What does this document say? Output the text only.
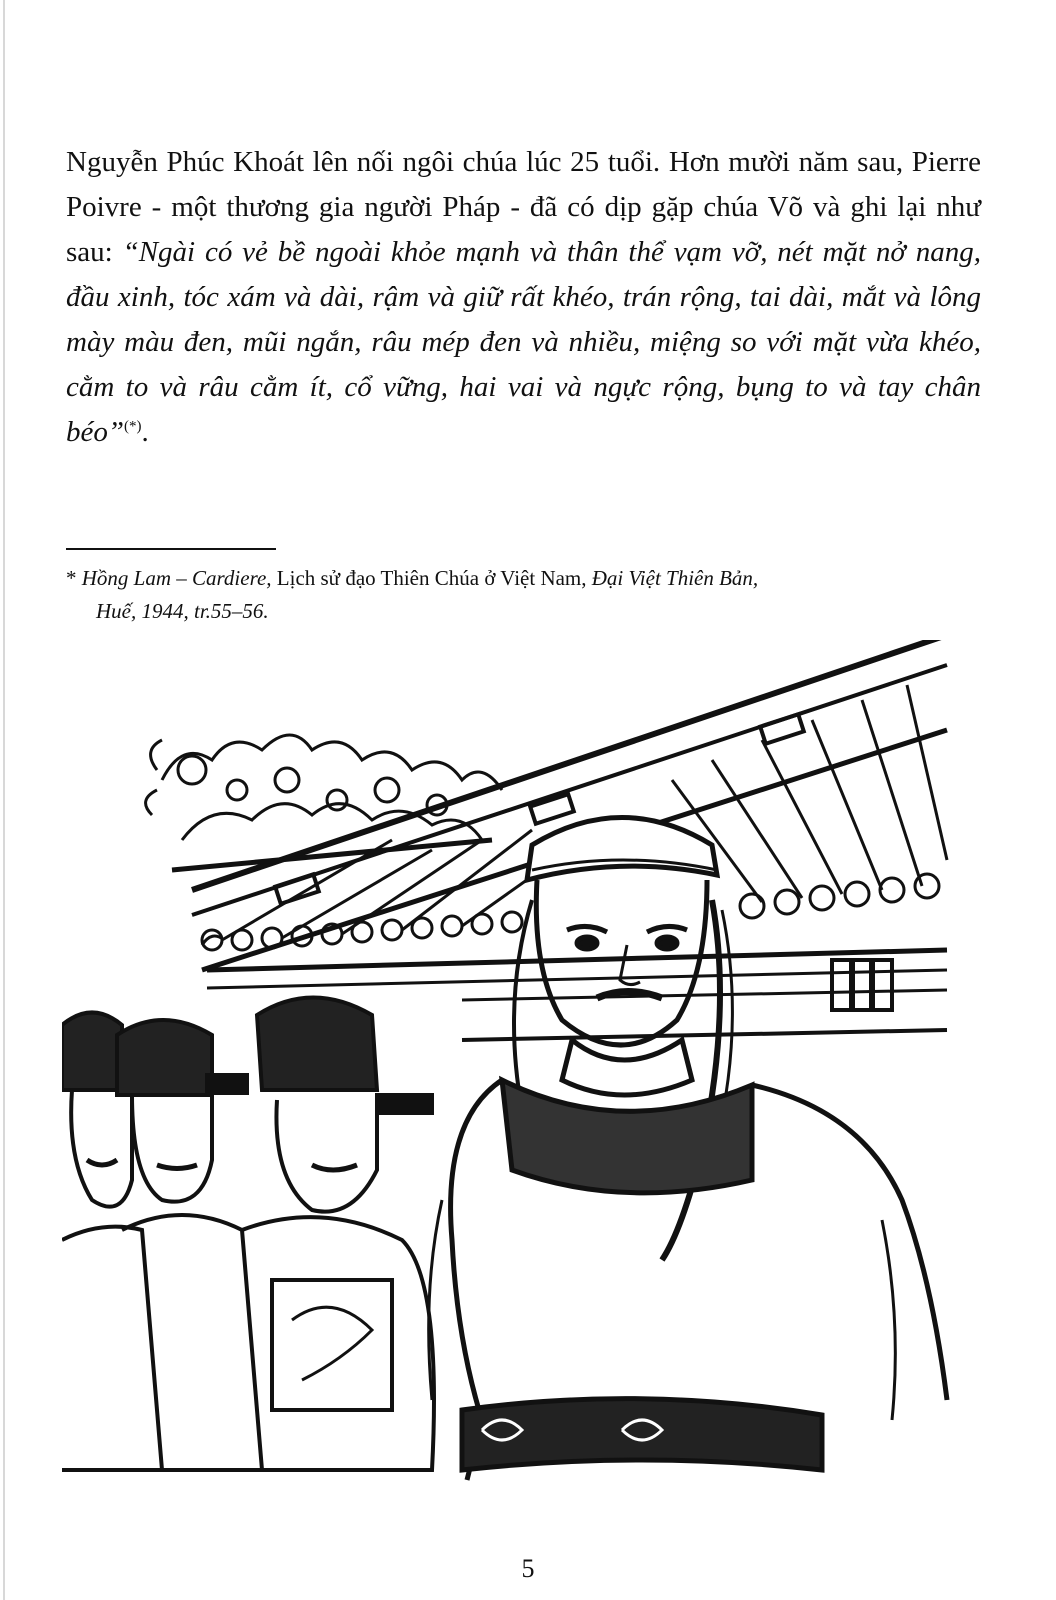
Nguyễn Phúc Khoát lên nối ngôi chúa lúc 25 tuổi. Hơn mười năm sau, Pierre Poivre - một thương gia người Pháp - đã có dịp gặp chúa Võ và ghi lại như sau: “Ngài có vẻ bề ngoài khỏe mạnh và thân thể vạm vỡ, nét mặt nở nang, đầu xinh, tóc xám và dài, rậm và giữ rất khéo, trán rộng, tai dài, mắt và lông mày màu đen, mũi ngắn, râu mép đen và nhiều, miệng so với mặt vừa khéo, cằm to và râu cằm ít, cổ vững, hai vai và ngực rộng, bụng to và tay chân béo”(*).

* Hồng Lam – Cardiere, Lịch sử đạo Thiên Chúa ở Việt Nam, Đại Việt Thiên Bản,
Huế, 1944, tr.55–56.
5
